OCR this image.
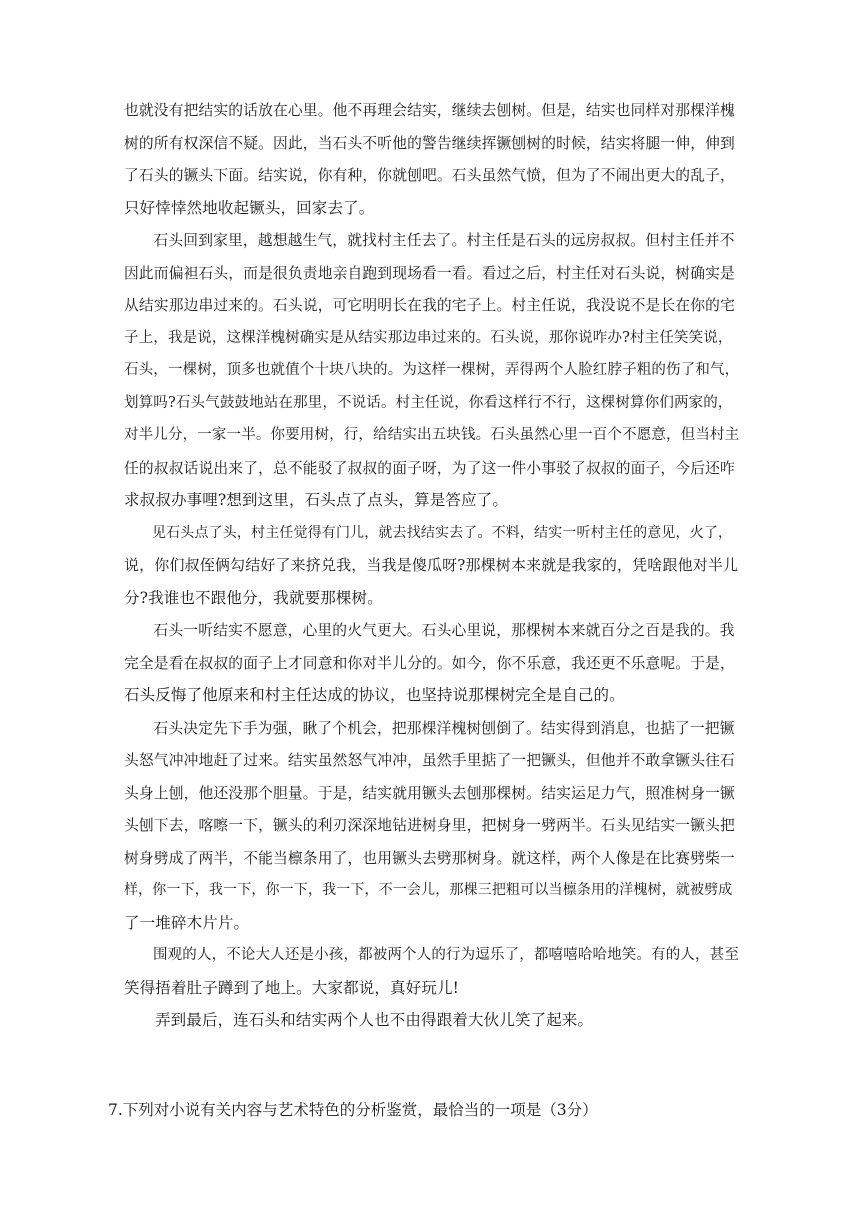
也就没有把结实的话放在心里。他不再理会结实，继续去刨树。但是，结实也同样对那棵洋槐
树的所有权深信不疑。因此，当石头不听他的警告继续挥镢刨树的时候，结实将腿一伸，伸到
了石头的镢头下面。结实说，你有种，你就刨吧。石头虽然气愤，但为了不闹出更大的乱子，
只好悻悻然地收起镢头，回家去了。
石头回到家里，越想越生气，就找村主任去了。村主任是石头的远房叔叔。但村主任并不
因此而偏袒石头，而是很负责地亲自跑到现场看一看。看过之后，村主任对石头说，树确实是
从结实那边串过来的。石头说，可它明明长在我的宅子上。村主任说，我没说不是长在你的宅
子上，我是说，这棵洋槐树确实是从结实那边串过来的。石头说，那你说咋办?村主任笑笑说，
石头，一棵树，顶多也就值个十块八块的。为这样一棵树，弄得两个人脸红脖子粗的伤了和气，
划算吗?石头气鼓鼓地站在那里，不说话。村主任说，你看这样行不行，这棵树算你们两家的，
对半儿分，一家一半。你要用树，行，给结实出五块钱。石头虽然心里一百个不愿意，但当村主
任的叔叔话说出来了，总不能驳了叔叔的面子呀，为了这一件小事驳了叔叔的面子，今后还咋
求叔叔办事哩?想到这里，石头点了点头，算是答应了。
见石头点了头，村主任觉得有门儿，就去找结实去了。不料，结实一听村主任的意见，火了，
说，你们叔侄俩勾结好了来挤兑我，当我是傻瓜呀?那棵树本来就是我家的，凭啥跟他对半儿
分?我谁也不跟他分，我就要那棵树。
石头一听结实不愿意，心里的火气更大。石头心里说，那棵树本来就百分之百是我的。我
完全是看在叔叔的面子上才同意和你对半儿分的。如今，你不乐意，我还更不乐意呢。于是，
石头反悔了他原来和村主任达成的协议，也坚持说那棵树完全是自己的。
石头决定先下手为强，瞅了个机会，把那棵洋槐树刨倒了。结实得到消息，也掂了一把镢
头怒气冲冲地赶了过来。结实虽然怒气冲冲，虽然手里掂了一把镢头，但他并不敢拿镢头往石
头身上刨，他还没那个胆量。于是，结实就用镢头去刨那棵树。结实运足力气，照准树身一镢
头刨下去，喀嚓一下，镢头的利刃深深地钻进树身里，把树身一劈两半。石头见结实一镢头把
树身劈成了两半，不能当檩条用了，也用镢头去劈那树身。就这样，两个人像是在比赛劈柴一
样，你一下，我一下，你一下，我一下，不一会儿，那棵三把粗可以当檩条用的洋槐树，就被劈成
了一堆碎木片片。
围观的人，不论大人还是小孩，都被两个人的行为逗乐了，都嘻嘻哈哈地笑。有的人，甚至
笑得捂着肚子蹲到了地上。大家都说，真好玩儿!
弄到最后，连石头和结实两个人也不由得跟着大伙儿笑了起来。
7.下列对小说有关内容与艺术特色的分析鉴赏，最恰当的一项是（3分）
